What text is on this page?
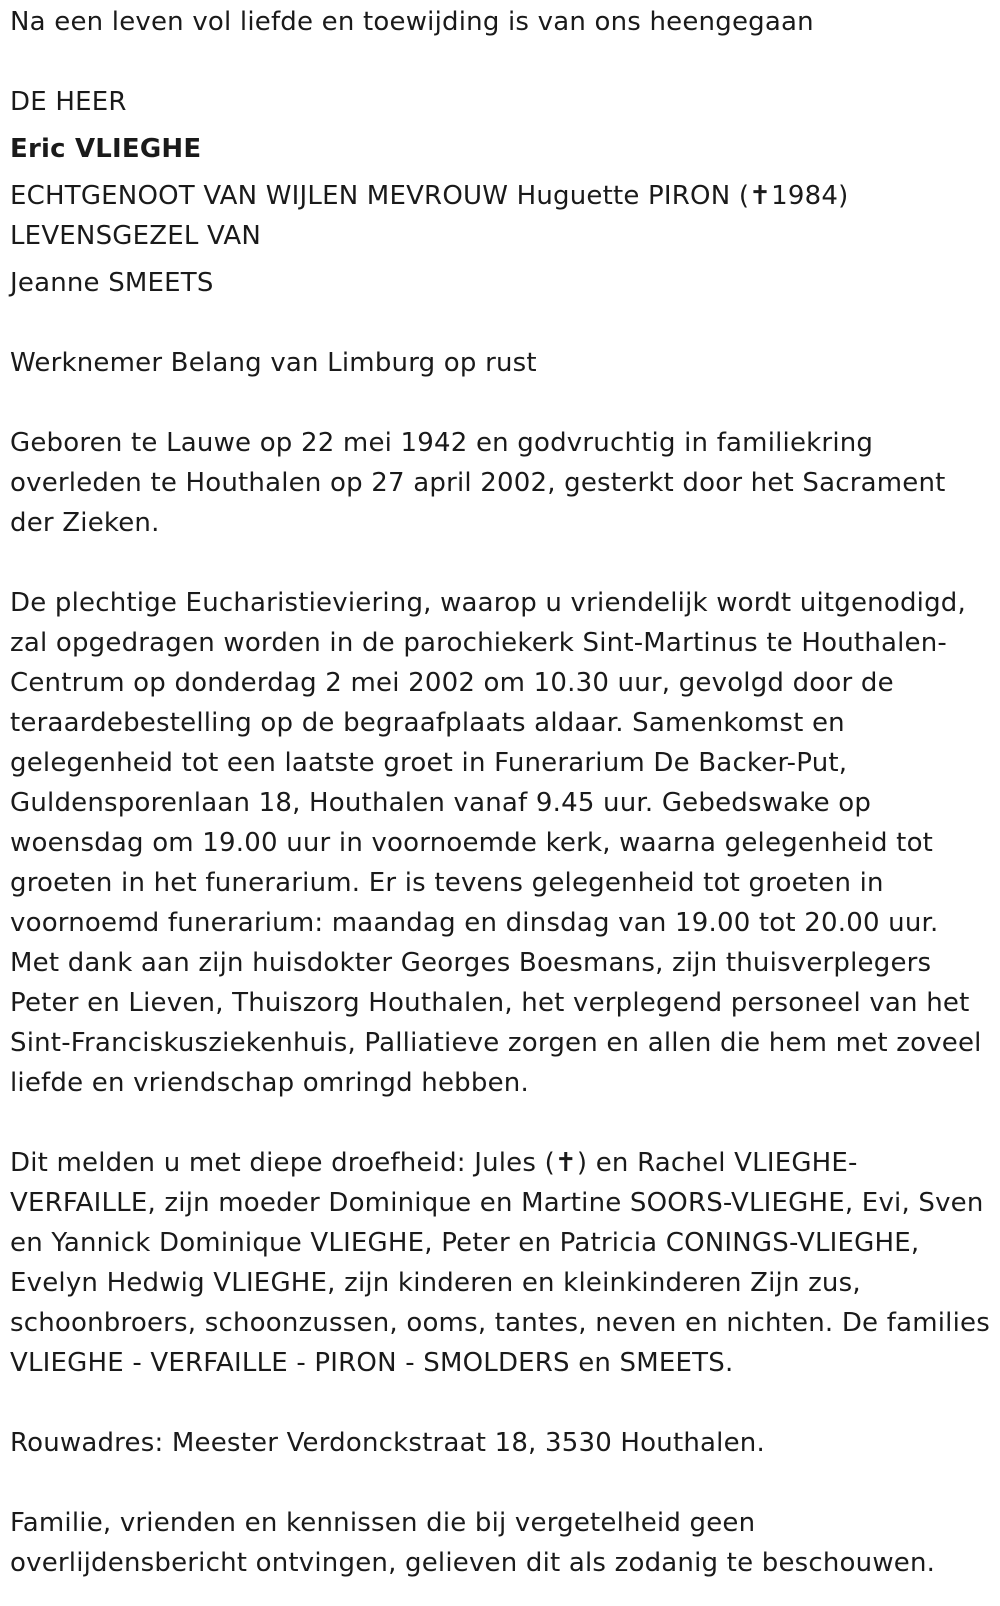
Na een leven vol liefde en toewijding is van ons heengegaan

DE HEER

Eric VLIEGHE

ECHTGENOOT VAN WIJLEN MEVROUW Huguette PIRON (✝1984)

LEVENSGEZEL VAN

Jeanne SMEETS

Werknemer Belang van Limburg op rust

Geboren te Lauwe op 22 mei 1942 en godvruchtig in familiekring overleden te Houthalen op 27 april 2002, gesterkt door het Sacrament der Zieken.

De plechtige Eucharistieviering, waarop u vriendelijk wordt uitgenodigd, zal opgedragen worden in de parochiekerk Sint-Martinus te Houthalen-Centrum op donderdag 2 mei 2002 om 10.30 uur, gevolgd door de teraardebestelling op de begraafplaats aldaar. Samenkomst en gelegenheid tot een laatste groet in Funerarium De Backer-Put, Guldensporenlaan 18, Houthalen vanaf 9.45 uur. Gebedswake op woensdag om 19.00 uur in voornoemde kerk, waarna gelegenheid tot groeten in het funerarium. Er is tevens gelegenheid tot groeten in voornoemd funerarium: maandag en dinsdag van 19.00 tot 20.00 uur. Met dank aan zijn huisdokter Georges Boesmans, zijn thuisverplegers Peter en Lieven, Thuiszorg Houthalen, het verplegend personeel van het Sint-Franciskusziekenhuis, Palliatieve zorgen en allen die hem met zoveel liefde en vriendschap omringd hebben.

Dit melden u met diepe droefheid: Jules (✝) en Rachel VLIEGHE-VERFAILLE, zijn moeder Dominique en Martine SOORS-VLIEGHE, Evi, Sven en Yannick Dominique VLIEGHE, Peter en Patricia CONINGS-VLIEGHE, Evelyn Hedwig VLIEGHE, zijn kinderen en kleinkinderen Zijn zus, schoonbroers, schoonzussen, ooms, tantes, neven en nichten. De families VLIEGHE - VERFAILLE - PIRON - SMOLDERS en SMEETS.

Rouwadres: Meester Verdonckstraat 18, 3530 Houthalen.

Familie, vrienden en kennissen die bij vergetelheid geen overlijdensbericht ontvingen, gelieven dit als zodanig te beschouwen.
